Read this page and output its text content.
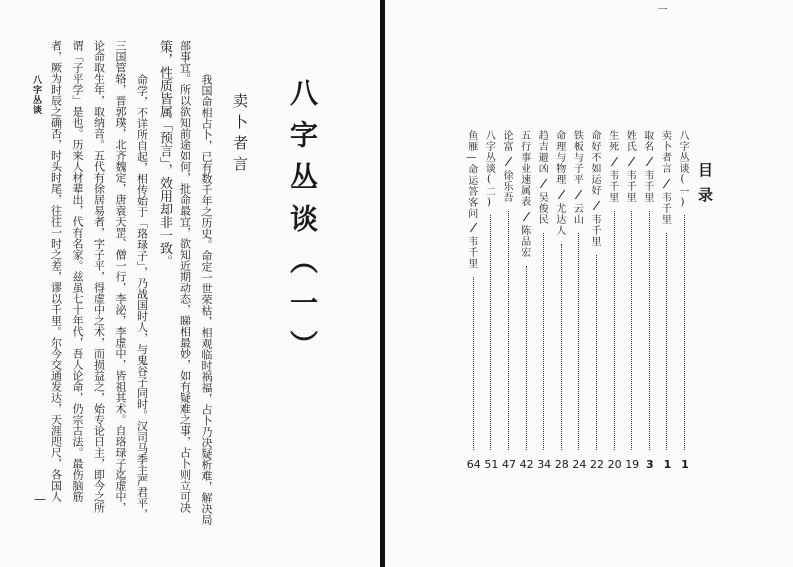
八字丛谈	八字丛谈（一）
卖卜者言
我国命相占卜，已有数千年之历史。命定一世荣枯，相观临时祸福，占卜乃决疑析难，解决局
部事宜。所以欲知前途如何，批命最宜，欲知近期动态，睇相最妙，如有疑难之事，占卜则立可决
策，性质皆属「预言」，效用却非一致。
命学，不详所自起，相传始于「珞琭子」，乃战国时人，与鬼谷子同时。汉司马季主严君平，
三国管辂，晋郭璞，北齐魏定，唐袁天罡、僧一行，李泌，李虚中，皆祖其术。自珞琭子迄虚中，
论命取生年，取纳音。五代有徐居易者，字子平，得虚中之术，而损益之，始专论日主，即今之所
谓「子平学」是也。历来人材辈出，代有名家。兹虽七十年代，吾人论命，仍宗古法。最伤脑筋
者，厥为时辰之确否，时头时尾，往往一时之差，谬以千里。尔今交通发达，天涯咫尺，各国人
—
一
目录
八字丛谈(一)
1
卖卜者言
韦千里
1
取名
韦千里
3
姓氏
韦千里
19
生死
韦千里
20
命好不如运好
韦千里
22
铁板与子平
云山
24
命理与物理
尤达人
28
趋吉避凶
吴俊民
34
五行事业速属表
陈品宏
42
论富
徐乐吾
47
八字丛谈(二)
51
鱼雁—命运答客问
韦千里
64
